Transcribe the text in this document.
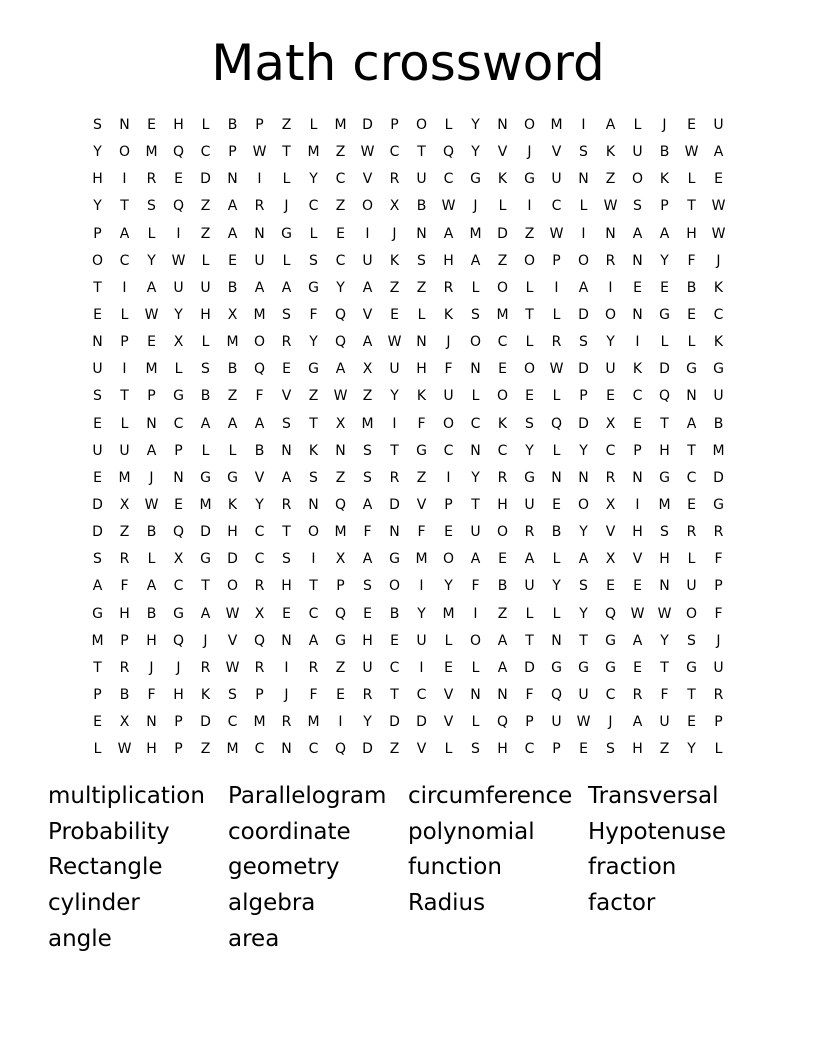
Math crossword
S	N	E	H	L	B	P	Z	L	M	D	P	O	L	Y	N	O	M	I	A	L	J	E	U
Y	O	M	Q	C	P	W	T	M	Z	W	C	T	Q	Y	V	J	V	S	K	U	B	W	A
H	I	R	E	D	N	I	L	Y	C	V	R	U	C	G	K	G	U	N	Z	O	K	L	E
Y	T	S	Q	Z	A	R	J	C	Z	O	X	B	W	J	L	I	C	L	W	S	P	T	W
P	A	L	I	Z	A	N	G	L	E	I	J	N	A	M	D	Z	W	I	N	A	A	H	W
O	C	Y	W	L	E	U	L	S	C	U	K	S	H	A	Z	O	P	O	R	N	Y	F	J
T	I	A	U	U	B	A	A	G	Y	A	Z	Z	R	L	O	L	I	A	I	E	E	B	K
E	L	W	Y	H	X	M	S	F	Q	V	E	L	K	S	M	T	L	D	O	N	G	E	C
N	P	E	X	L	M	O	R	Y	Q	A	W	N	J	O	C	L	R	S	Y	I	L	L	K
U	I	M	L	S	B	Q	E	G	A	X	U	H	F	N	E	O	W	D	U	K	D	G	G
S	T	P	G	B	Z	F	V	Z	W	Z	Y	K	U	L	O	E	L	P	E	C	Q	N	U
E	L	N	C	A	A	A	S	T	X	M	I	F	O	C	K	S	Q	D	X	E	T	A	B
U	U	A	P	L	L	B	N	K	N	S	T	G	C	N	C	Y	L	Y	C	P	H	T	M
E	M	J	N	G	G	V	A	S	Z	S	R	Z	I	Y	R	G	N	N	R	N	G	C	D
D	X	W	E	M	K	Y	R	N	Q	A	D	V	P	T	H	U	E	O	X	I	M	E	G
D	Z	B	Q	D	H	C	T	O	M	F	N	F	E	U	O	R	B	Y	V	H	S	R	R
S	R	L	X	G	D	C	S	I	X	A	G	M	O	A	E	A	L	A	X	V	H	L	F
A	F	A	C	T	O	R	H	T	P	S	O	I	Y	F	B	U	Y	S	E	E	N	U	P
G	H	B	G	A	W	X	E	C	Q	E	B	Y	M	I	Z	L	L	Y	Q	W W	O	F
M	P	H	Q	J	V	Q	N	A	G	H	E	U	L	O	A	T	N	T	G	A	Y	S	J
T	R	J	J	R	W	R	I	R	Z	U	C	I	E	L	A	D	G	G	G	E	T	G	U
P	B	F	H	K	S	P	J	F	E	R	T	C	V	N	N	F	Q	U	C	R	F	T	R
E	X	N	P	D	C	M	R	M	I	Y	D	D	V	L	Q	P	U	W	J	A	U	E	P
L	W	H	P	Z	M	C	N	C	Q	D	Z	V	L	S	H	C	P	E	S	H	Z	Y	L
multiplication	Parallelogram circumference Transversal
Probability	coordinate	polynomial	Hypotenuse
Rectangle	geometry	function	fraction
cylinder	algebra	Radius	factor
angle	area
